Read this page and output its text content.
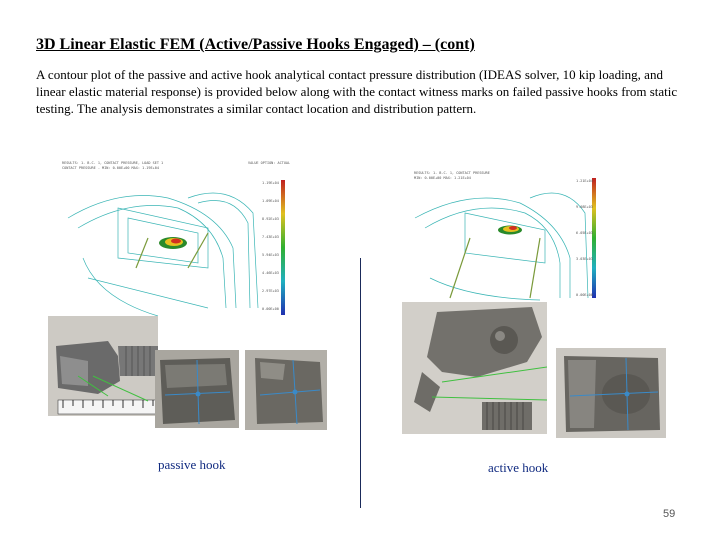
3D Linear Elastic FEM (Active/Passive Hooks Engaged) – (cont)
A contour plot of the passive and active hook analytical contact pressure distribution (IDEAS solver, 10 kip loading, and linear elastic material response) is provided below along with the contact witness marks on failed passive hooks from static testing. The analysis demonstrates a similar contact location and distribution pattern.
RESULTS: 1- B.C. 1, CONTACT PRESSURE, LOAD SET 1
CONTACT PRESSURE - MIN: 0.00E+00 MAX: 1.19E+04
VALUE OPTION: ACTUAL
1.19E+04
1.09E+04
8.92E+03
7.43E+03
5.94E+03
4.46E+03
2.97E+03
0.00E+00
RESULTS: 1- B.C. 1, CONTACT PRESSURE
MIN: 0.00E+00 MAX: 1.21E+04
1.21E+04
9.08E+03
6.05E+03
3.03E+03
0.00E+00
passive hook	active hook
59
